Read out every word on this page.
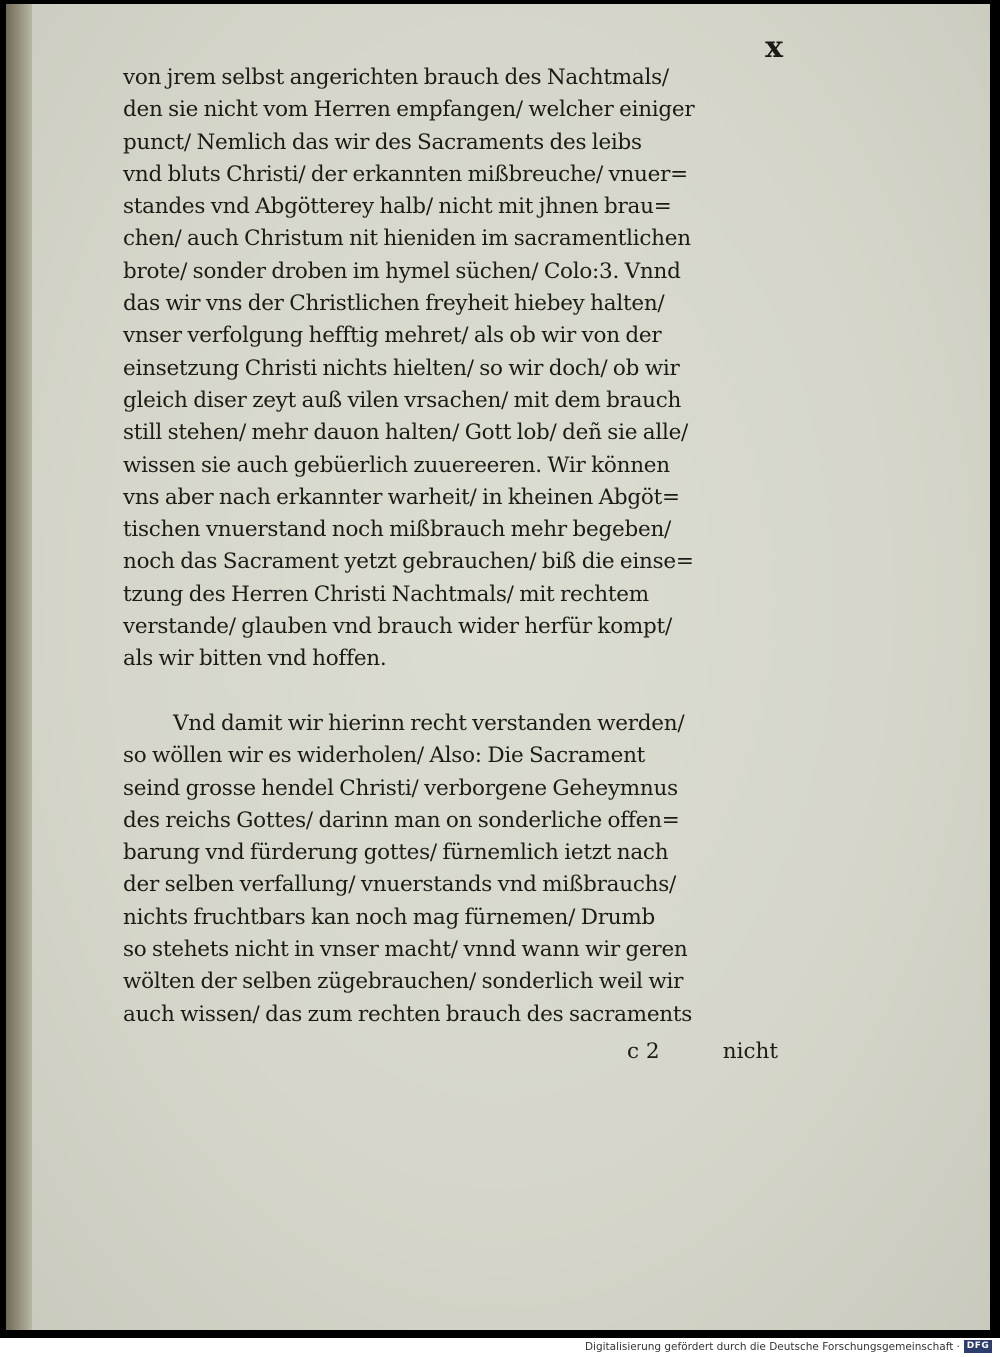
x
von jrem selbst angerichten brauch des Nachtmals/
den sie nicht vom Herren empfangen/ welcher einiger
punct/ Nemlich das wir des Sacraments des leibs
vnd bluts Christi/ der erkannten mißbreuche/ vnuer=
standes vnd Abgötterey halb/ nicht mit jhnen brau=
chen/ auch Christum nit hieniden im sacramentlichen
brote/ sonder droben im hymel süchen/ Colo:3. Vnnd
das wir vns der Christlichen freyheit hiebey halten/
vnser verfolgung hefftig mehret/ als ob wir von der
einsetzung Christi nichts hielten/ so wir doch/ ob wir
gleich diser zeyt auß vilen vrsachen/ mit dem brauch
still stehen/ mehr dauon halten/ Gott lob/ deñ sie alle/
wissen sie auch gebüerlich zuuereeren. Wir können
vns aber nach erkannter warheit/ in kheinen Abgöt=
tischen vnuerstand noch mißbrauch mehr begeben/
noch das Sacrament yetzt gebrauchen/ biß die einse=
tzung des Herren Christi Nachtmals/ mit rechtem
verstande/ glauben vnd brauch wider herfür kompt/
als wir bitten vnd hoffen.
Vnd damit wir hierinn recht verstanden werden/
so wöllen wir es widerholen/ Also: Die Sacrament
seind grosse hendel Christi/ verborgene Geheymnus
des reichs Gottes/ darinn man on sonderliche offen=
barung vnd fürderung gottes/ fürnemlich ietzt nach
der selben verfallung/ vnuerstands vnd mißbrauchs/
nichts fruchtbars kan noch mag fürnemen/ Drumb
so stehets nicht in vnser macht/ vnnd wann wir geren
wölten der selben zügebrauchen/ sonderlich weil wir
auch wissen/ das zum rechten brauch des sacraments
c 2	nicht
Digitalisierung gefördert durch die Deutsche Forschungsgemeinschaft · DFG
